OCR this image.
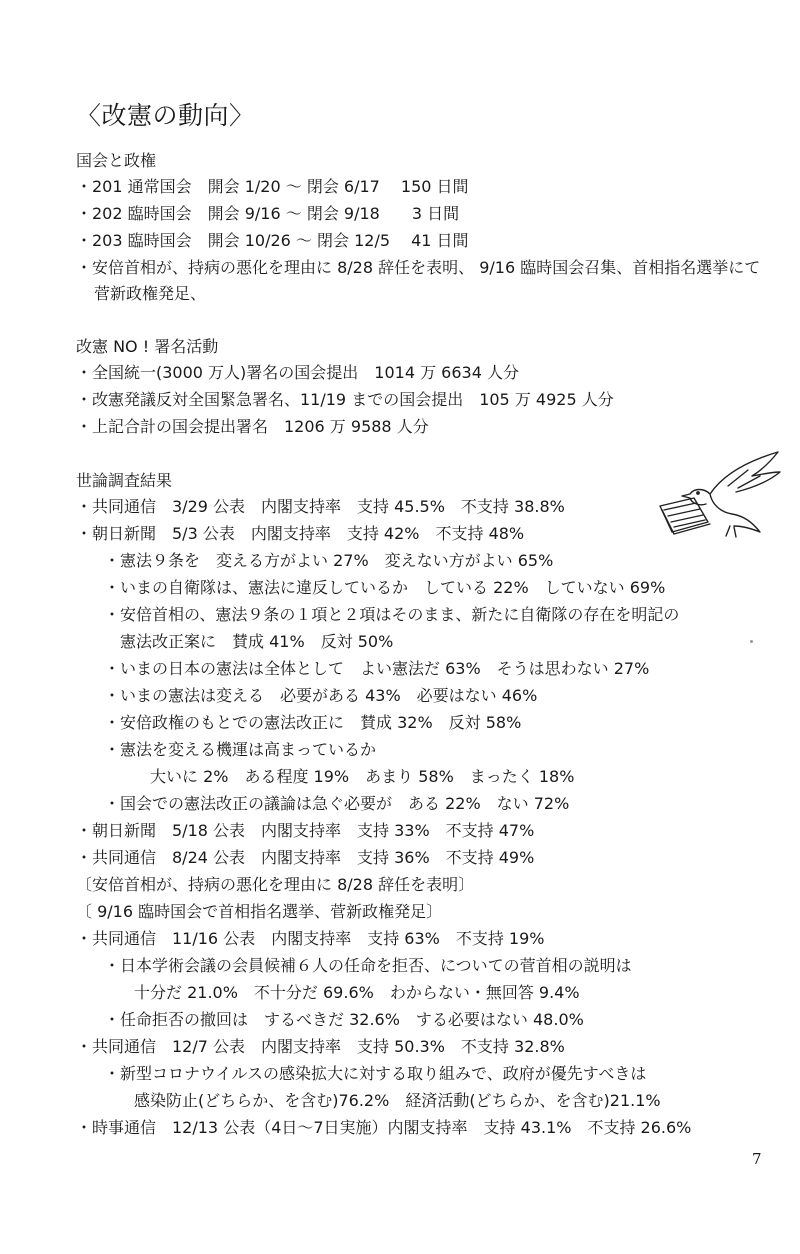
〈改憲の動向〉
国会と政権
・201 通常国会　開会 1/20 ～ 閉会 6/17　 150 日間
・202 臨時国会　開会 9/16 ～ 閉会 9/18　　3 日間
・203 臨時国会　開会 10/26 ～ 閉会 12/5　 41 日間
・安倍首相が、持病の悪化を理由に 8/28 辞任を表明、 9/16 臨時国会召集、首相指名選挙にて
菅新政権発足、
改憲 NO ! 署名活動
・全国統一(3000 万人)署名の国会提出　1014 万 6634 人分
・改憲発議反対全国緊急署名、11/19 までの国会提出　105 万 4925 人分
・上記合計の国会提出署名　1206 万 9588 人分
世論調査結果
・共同通信　3/29 公表　内閣支持率　支持 45.5%　不支持 38.8%
・朝日新聞　5/3 公表　内閣支持率　支持 42%　不支持 48%
・憲法９条を　変える方がよい 27%　変えない方がよい 65%
・いまの自衛隊は、憲法に違反しているか　している 22%　していない 69%
・安倍首相の、憲法９条の１項と２項はそのまま、新たに自衛隊の存在を明記の
憲法改正案に　賛成 41%　反対 50%
・いまの日本の憲法は全体として　よい憲法だ 63%　そうは思わない 27%
・いまの憲法は変える　必要がある 43%　必要はない 46%
・安倍政権のもとでの憲法改正に　賛成 32%　反対 58%
・憲法を変える機運は高まっているか
大いに 2%　ある程度 19%　あまり 58%　まったく 18%
・国会での憲法改正の議論は急ぐ必要が　ある 22%　ない 72%
・朝日新聞　5/18 公表　内閣支持率　支持 33%　不支持 47%
・共同通信　8/24 公表　内閣支持率　支持 36%　不支持 49%
〔安倍首相が、持病の悪化を理由に 8/28 辞任を表明〕
〔 9/16 臨時国会で首相指名選挙、菅新政権発足〕
・共同通信　11/16 公表　内閣支持率　支持 63%　不支持 19%
・日本学術会議の会員候補６人の任命を拒否、についての菅首相の説明は
十分だ 21.0%　不十分だ 69.6%　わからない・無回答 9.4%
・任命拒否の撤回は　するべきだ 32.6%　する必要はない 48.0%
・共同通信　12/7 公表　内閣支持率　支持 50.3%　不支持 32.8%
・新型コロナウイルスの感染拡大に対する取り組みで、政府が優先すべきは
感染防止(どちらか、を含む)76.2%　経済活動(どちらか、を含む)21.1%
・時事通信　12/13 公表（4日～7日実施）内閣支持率　支持 43.1%　不支持 26.6%
7
